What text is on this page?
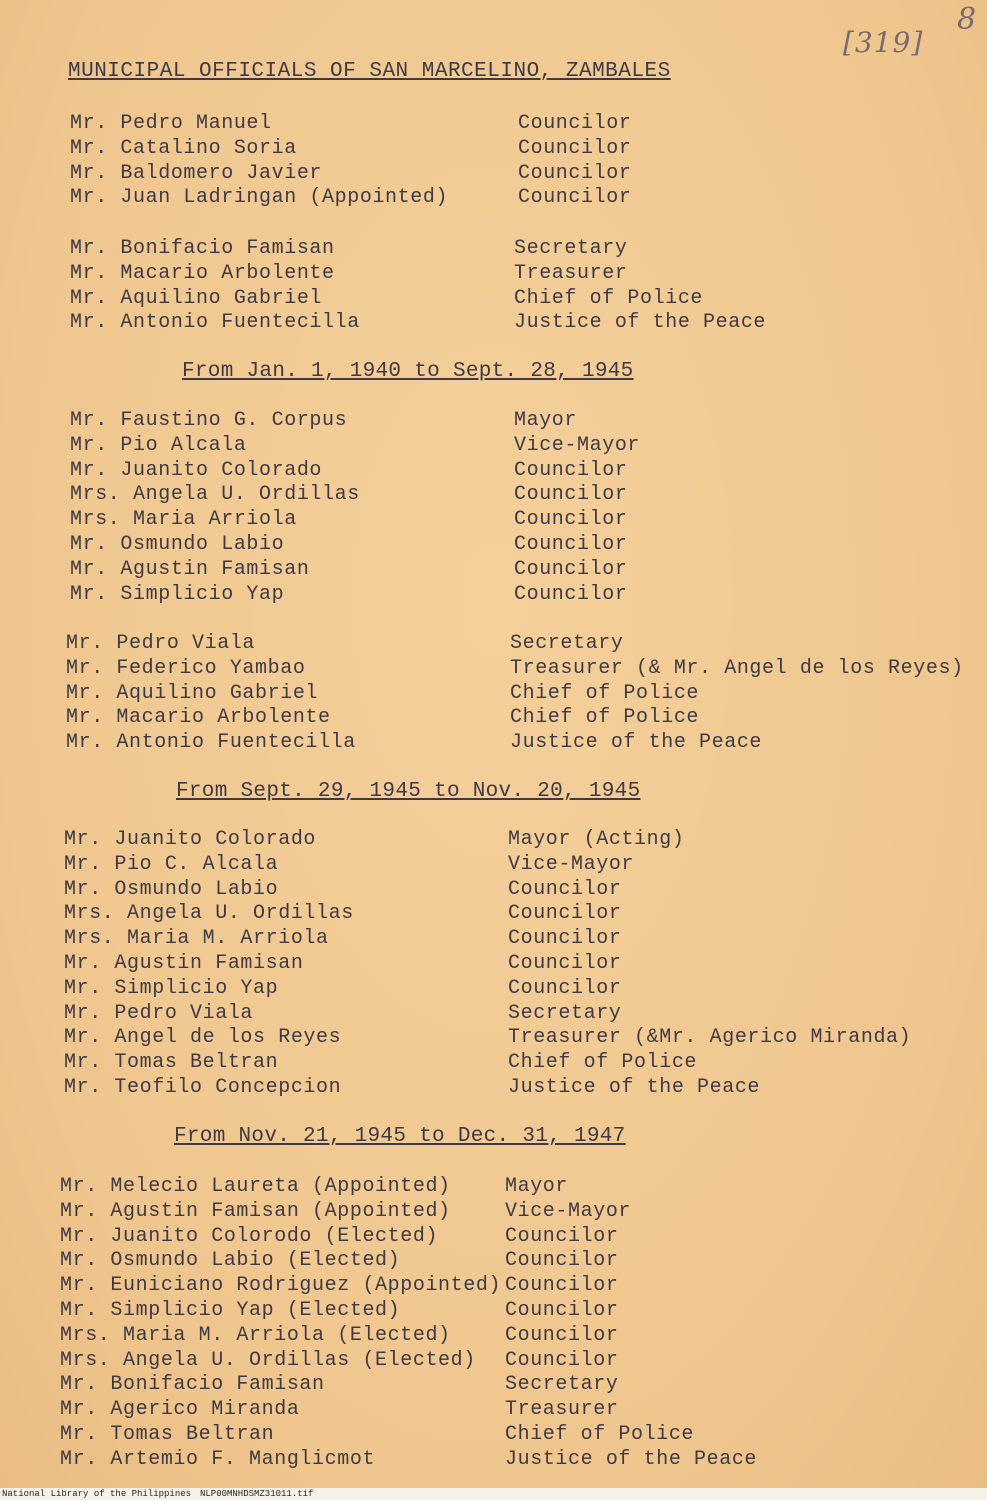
8
[319]
MUNICIPAL OFFICIALS OF SAN MARCELINO, ZAMBALES
Mr. Pedro Manuel	Councilor
Mr. Catalino Soria	Councilor
Mr. Baldomero Javier	Councilor
Mr. Juan Ladringan (Appointed)	Councilor
Mr. Bonifacio Famisan	Secretary
Mr. Macario Arbolente	Treasurer
Mr. Aquilino Gabriel	Chief of Police
Mr. Antonio Fuentecilla	Justice of the Peace
From Jan. 1, 1940 to Sept. 28, 1945
Mr. Faustino G. Corpus	Mayor
Mr. Pio Alcala	Vice-Mayor
Mr. Juanito Colorado	Councilor
Mrs. Angela U. Ordillas	Councilor
Mrs. Maria Arriola	Councilor
Mr. Osmundo Labio	Councilor
Mr. Agustin Famisan	Councilor
Mr. Simplicio Yap	Councilor
Mr. Pedro Viala	Secretary
Mr. Federico Yambao	Treasurer (& Mr. Angel de los Reyes)
Mr. Aquilino Gabriel	Chief of Police
Mr. Macario Arbolente	Chief of Police
Mr. Antonio Fuentecilla	Justice of the Peace
From Sept. 29, 1945 to Nov. 20, 1945
Mr. Juanito Colorado	Mayor (Acting)
Mr. Pio C. Alcala	Vice-Mayor
Mr. Osmundo Labio	Councilor
Mrs. Angela U. Ordillas	Councilor
Mrs. Maria M. Arriola	Councilor
Mr. Agustin Famisan	Councilor
Mr. Simplicio Yap	Councilor
Mr. Pedro Viala	Secretary
Mr. Angel de los Reyes	Treasurer (&Mr. Agerico Miranda)
Mr. Tomas Beltran	Chief of Police
Mr. Teofilo Concepcion	Justice of the Peace
From Nov. 21, 1945 to Dec. 31, 1947
Mr. Melecio Laureta (Appointed)	Mayor
Mr. Agustin Famisan (Appointed)	Vice-Mayor
Mr. Juanito Colorodo (Elected)	Councilor
Mr. Osmundo Labio (Elected)	Councilor
Mr. Euniciano Rodriguez (Appointed) Councilor
Mr. Simplicio Yap (Elected)	Councilor
Mrs. Maria M. Arriola (Elected)	Councilor
Mrs. Angela U. Ordillas (Elected) Councilor
Mr. Bonifacio Famisan	Secretary
Mr. Agerico Miranda	Treasurer
Mr. Tomas Beltran	Chief of Police
Mr. Artemio F. Manglicmot	Justice of the Peace
National Library of the Philippines NLP00MNHDSMZ31011.tif
